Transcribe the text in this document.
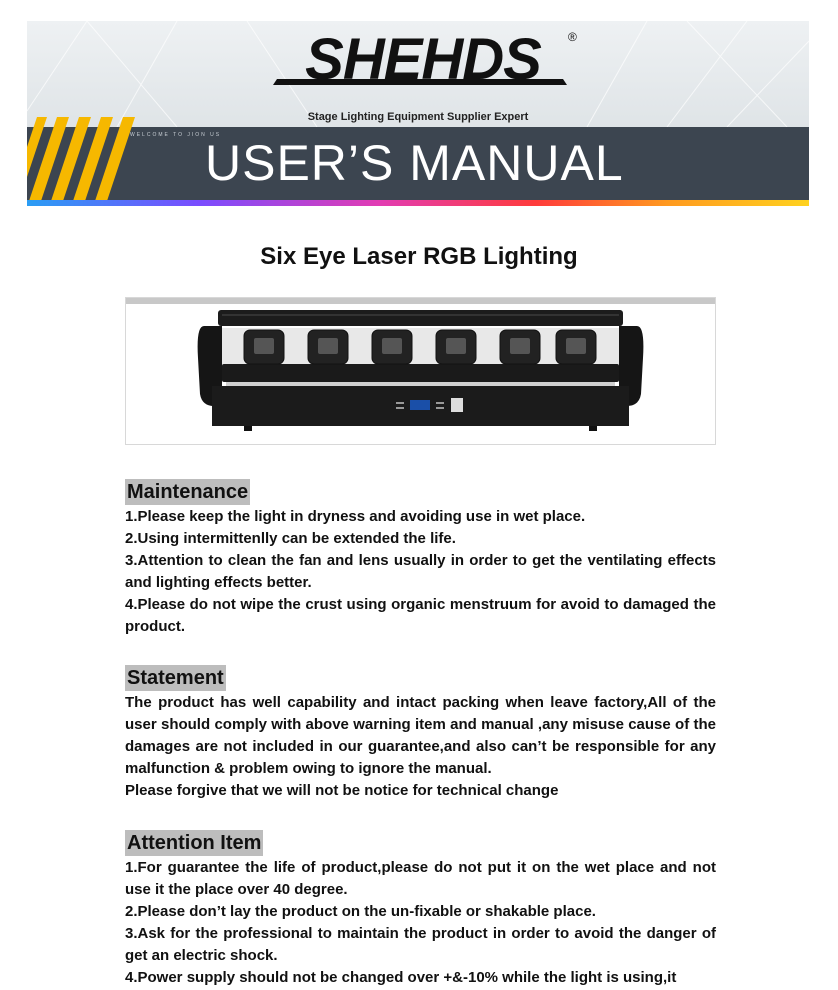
SHEHDS ®
Stage Lighting Equipment Supplier Expert
WELCOME TO JION US
USER’S MANUAL
Six Eye Laser RGB Lighting
Maintenance
1.Please keep the light in dryness and avoiding use in wet place.
2.Using intermittenlly can be extended the life.
3.Attention to clean the fan and lens usually in order to get the ventilating effects and lighting effects better.
4.Please do not wipe the crust using organic menstruum for avoid to damaged the product.
Statement
The product has well capability and intact packing when leave factory,All of the user should comply with above warning item and manual ,any misuse cause of the damages are not included in our guarantee,and also can’t be responsible for any malfunction & problem owing to ignore the manual.
Please forgive that we will not be notice for technical change
Attention Item
1.For guarantee the life of product,please do not put it on the wet place and not use it the place over 40 degree.
2.Please don’t lay the product on the un-fixable or shakable place.
3.Ask for the professional to maintain the product in order to avoid the danger of get an electric shock.
4.Power supply should not be changed over +&-10% while the light is using,it
